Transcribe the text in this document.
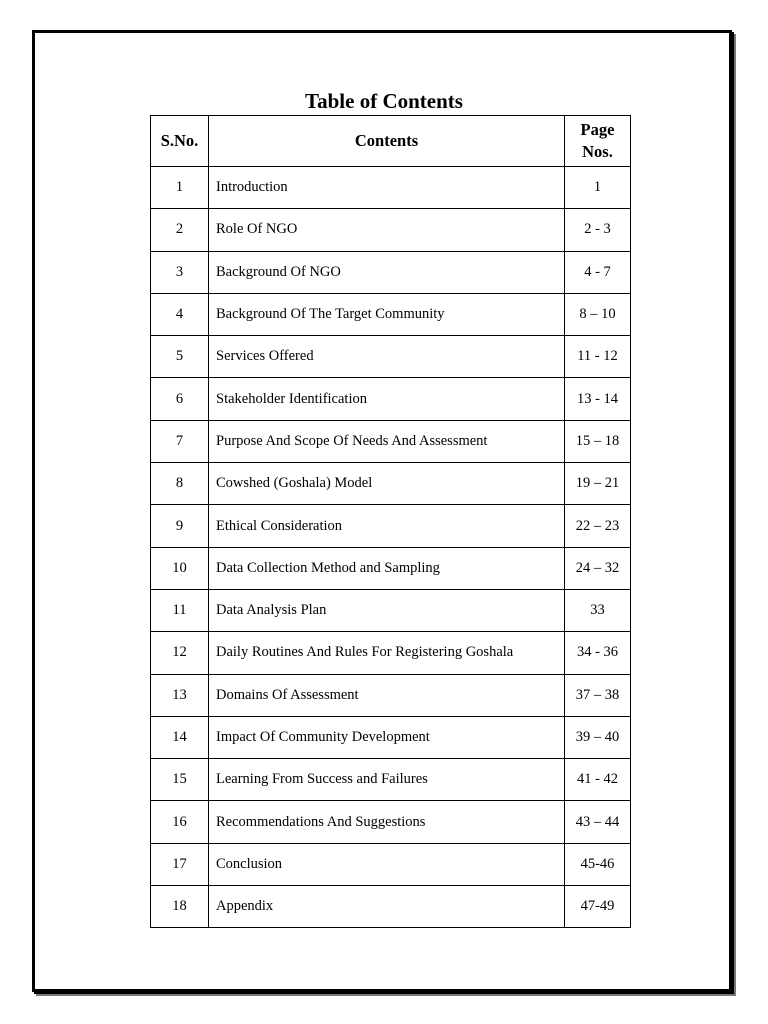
Table of Contents
S.No.	Contents	Page Nos.
1	Introduction	1
2	Role Of NGO	2 - 3
3	Background Of NGO	4 - 7
4	Background Of The Target Community	8 – 10
5	Services Offered	11 - 12
6	Stakeholder Identification	13 - 14
7	Purpose And Scope Of Needs And Assessment	15 – 18
8	Cowshed (Goshala) Model	19 – 21
9	Ethical Consideration	22 – 23
10	Data Collection Method and Sampling	24 – 32
11	Data Analysis Plan	33
12	Daily Routines And Rules For Registering Goshala	34 - 36
13	Domains Of Assessment	37 – 38
14	Impact Of Community Development	39 – 40
15	Learning From Success and Failures	41 - 42
16	Recommendations And Suggestions	43 – 44
17	Conclusion	45-46
18	Appendix	47-49
